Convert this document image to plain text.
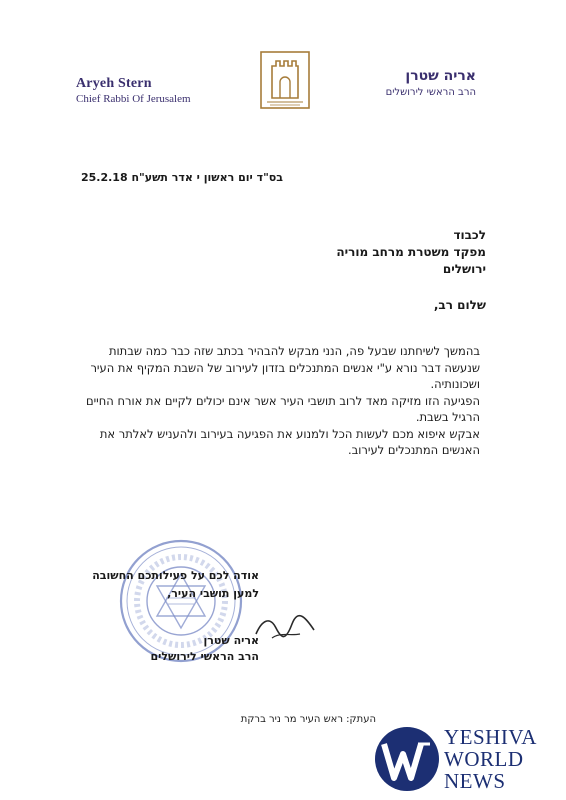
Aryeh Stern
Chief Rabbi Of Jerusalem
אריה שטרן
הרב הראשי לירושלים
בס"ד יום ראשון י אדר תשע"ח 25.2.18
לכבוד
מפקד משטרת מרחב מוריה
ירושלים
שלום רב,

בהמשך לשיחתנו שבעל פה, הנני מבקש להבהיר בכתב שזה כבר כמה שבתות שנעשה דבר נורא ע"י אנשים המתנכלים בזדון לעירוב של השבת המקיף את העיר ושכונותיה.

הפגיעה הזו מזיקה מאד לרוב תושבי העיר אשר אינם יכולים לקיים את אורח החיים הרגיל בשבת.

אבקש איפוא מכם לעשות הכל ולמנוע את הפגיעה בעירוב ולהעניש לאלתר את האנשים המתנכלים לעירוב.

אודה לכם על פעילותכם החשובה
למען תושבי העיר,
אריה שטרן
הרב הראשי לירושלים
העתק: ראש העיר מר ניר ברקת
YESHIVA
WORLD
NEWS
